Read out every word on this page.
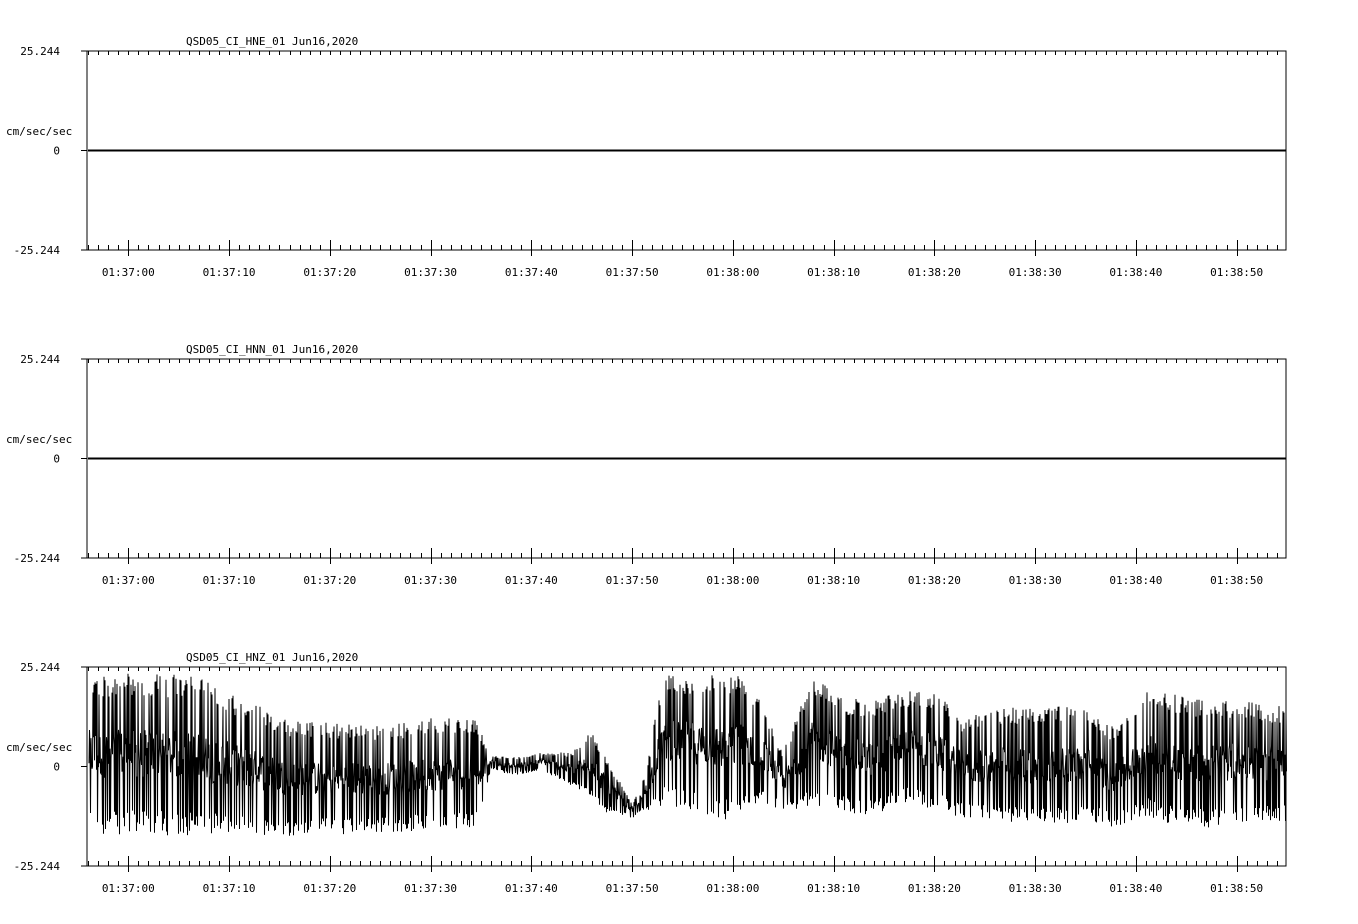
25.244
0
-25.244
cm/sec/sec
QSD05_CI_HNE_01 Jun16,2020
01:37:00	01:37:10	01:37:20	01:37:30	01:37:40	01:37:50	01:38:00	01:38:10	01:38:20	01:38:30	01:38:40	01:38:50
25.244
0
-25.244
cm/sec/sec
QSD05_CI_HNN_01 Jun16,2020
01:37:00	01:37:10	01:37:20	01:37:30	01:37:40	01:37:50	01:38:00	01:38:10	01:38:20	01:38:30	01:38:40	01:38:50
25.244
0
-25.244
cm/sec/sec
QSD05_CI_HNZ_01 Jun16,2020
01:37:00	01:37:10	01:37:20	01:37:30	01:37:40	01:37:50	01:38:00	01:38:10	01:38:20	01:38:30	01:38:40	01:38:50
